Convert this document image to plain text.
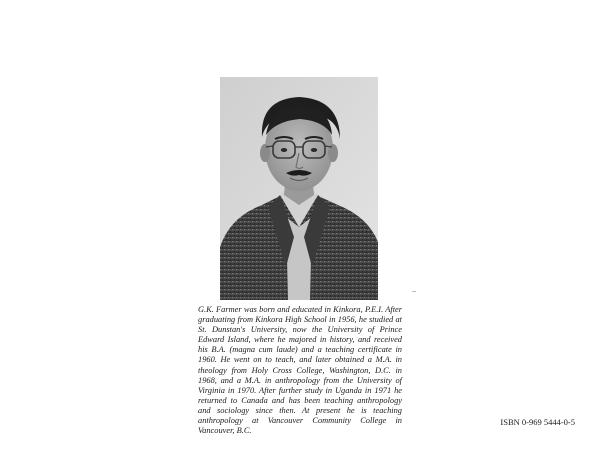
G.K. Farmer was born and educated in Kinkora, P.E.I. After graduating from Kinkora High School in 1956, he studied at St. Dunstan's University, now the University of Prince Edward Island, where he majored in history, and received his B.A. (magna cum laude) and a teaching certificate in 1960. He went on to teach, and later obtained a M.A. in theology from Holy Cross College, Washington, D.C. in 1968, and a M.A. in anthropology from the University of Virginia in 1970. After further study in Uganda in 1971 he returned to Canada and has been teaching anthropology and sociology since then. At present he is teaching anthropology at Vancouver Community College in Vancouver, B.C.

ISBN 0-969 5444-0-5
